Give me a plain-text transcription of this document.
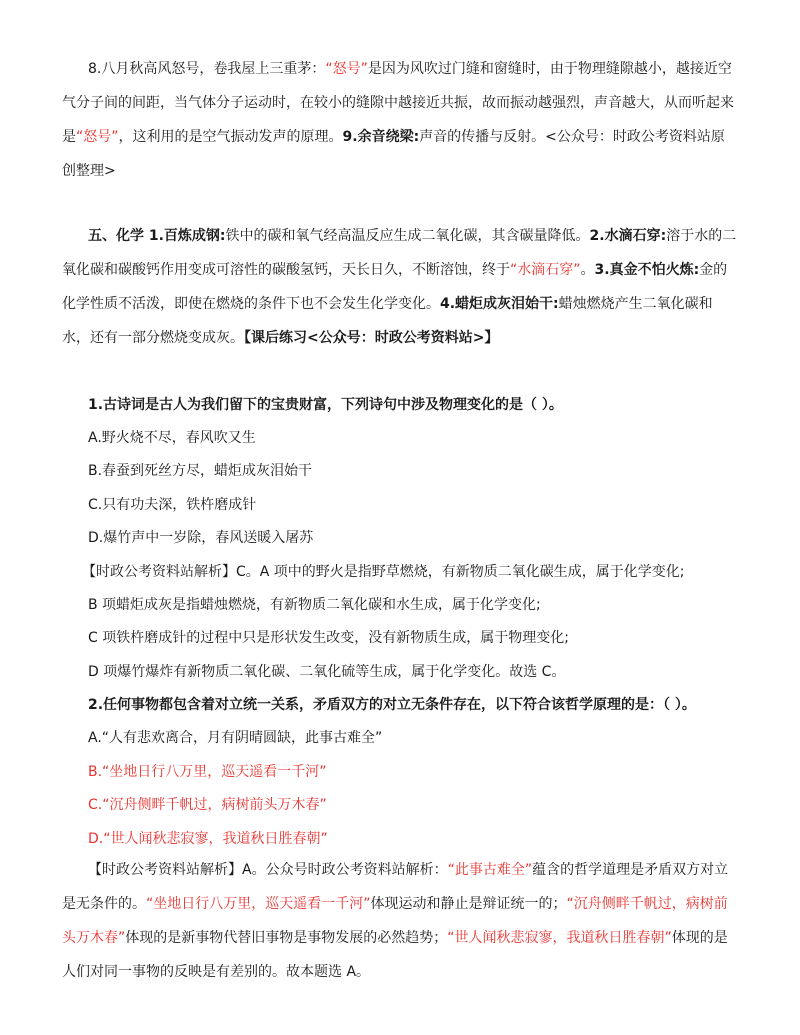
8.八月秋高风怒号，卷我屋上三重茅：“怒号”是因为风吹过门缝和窗缝时，由于物理缝隙越小，越接近空气分子间的间距，当气体分子运动时，在较小的缝隙中越接近共振，故而振动越强烈，声音越大，从而听起来是“怒号”，这利用的是空气振动发声的原理。9.余音绕梁:声音的传播与反射。<公众号：时政公考资料站原创整理>

五、化学 1.百炼成钢:铁中的碳和氧气经高温反应生成二氧化碳，其含碳量降低。2.水滴石穿:溶于水的二氧化碳和碳酸钙作用变成可溶性的碳酸氢钙，天长日久，不断溶蚀，终于“水滴石穿”。3.真金不怕火炼:金的化学性质不活泼，即使在燃烧的条件下也不会发生化学变化。4.蜡炬成灰泪始干:蜡烛燃烧产生二氧化碳和水，还有一部分燃烧变成灰。【课后练习<公众号：时政公考资料站>】

1.古诗词是古人为我们留下的宝贵财富，下列诗句中涉及物理变化的是（ ）。

A.野火烧不尽，春风吹又生

B.春蚕到死丝方尽，蜡炬成灰泪始干

C.只有功夫深，铁杵磨成针

D.爆竹声中一岁除，春风送暖入屠苏

【时政公考资料站解析】C。A 项中的野火是指野草燃烧，有新物质二氧化碳生成，属于化学变化;

B 项蜡炬成灰是指蜡烛燃烧，有新物质二氧化碳和水生成，属于化学变化;

C 项铁杵磨成针的过程中只是形状发生改变，没有新物质生成，属于物理变化;

D 项爆竹爆炸有新物质二氧化碳、二氧化硫等生成，属于化学变化。故选 C。

2.任何事物都包含着对立统一关系，矛盾双方的对立无条件存在，以下符合该哲学原理的是：（ ）。

A.“人有悲欢离合，月有阴晴圆缺，此事古难全”

B.“坐地日行八万里，巡天遥看一千河”

C.“沉舟侧畔千帆过，病树前头万木春”

D.“世人闻秋悲寂寥，我道秋日胜春朝”

【时政公考资料站解析】A。公众号时政公考资料站解析：“此事古难全”蕴含的哲学道理是矛盾双方对立是无条件的。“坐地日行八万里，巡天遥看一千河”体现运动和静止是辩证统一的；“沉舟侧畔千帆过，病树前头万木春”体现的是新事物代替旧事物是事物发展的必然趋势；“世人闻秋悲寂寥，我道秋日胜春朝”体现的是人们对同一事物的反映是有差别的。故本题选 A。
